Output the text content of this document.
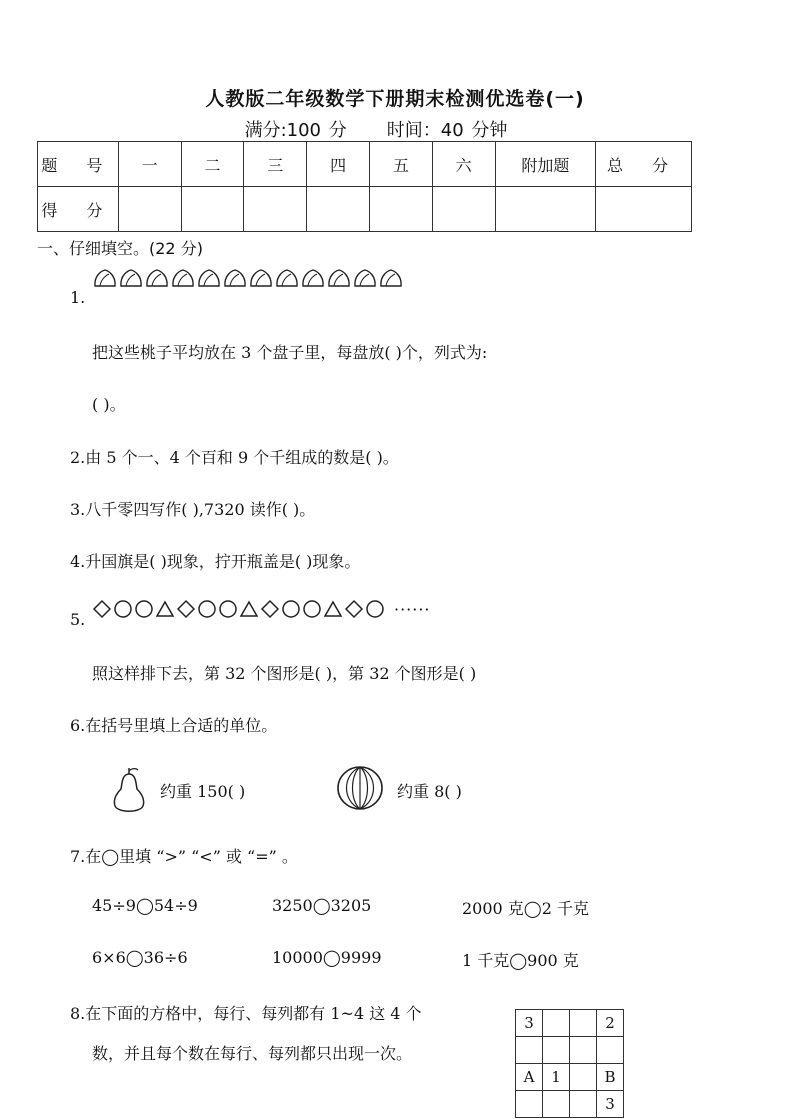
人教版二年级数学下册期末检测优选卷(一)
满分:100 分 时间：40 分钟
题 号	一	二	三	四	五	六	附加题	总 分
得 分								
一、仔细填空。(22 分)
1.
把这些桃子平均放在 3 个盘子里，每盘放( )个，列式为:
( )。
2.由 5 个一、4 个百和 9 个千组成的数是( )。
3.八千零四写作( ),7320 读作( )。
4.升国旗是( )现象，拧开瓶盖是( )现象。
5.
······
照这样排下去，第 32 个图形是( )，第 32 个图形是( )
6.在括号里填上合适的单位。
约重 150( )	约重 8( )
7.在◯里填 “>” “<” 或 “=” 。
45÷9◯54÷9	3250◯3205	2000 克◯2 千克
6×6◯36÷6	10000◯9999	1 千克◯900 克
8.在下面的方格中，每行、每列都有 1~4 这 4 个
数，并且每个数在每行、每列都只出现一次。
3			2

A	1		B
			3
